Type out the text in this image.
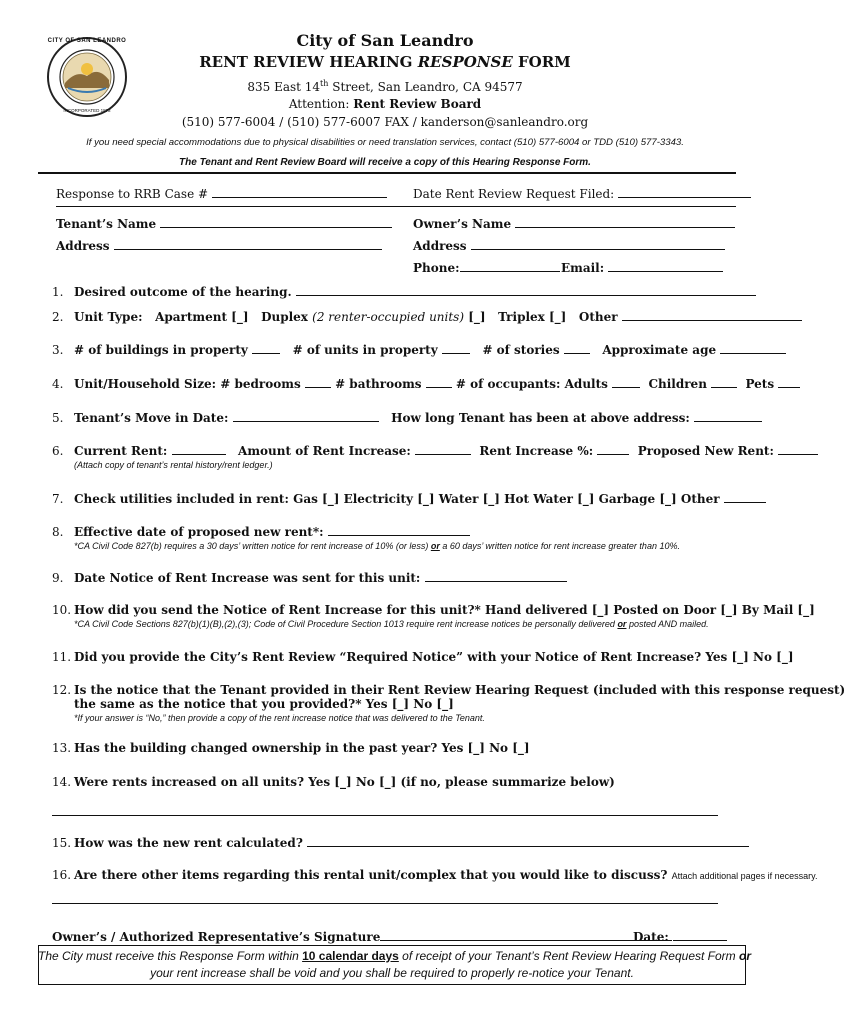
CITY OF SAN LEANDRO
INCORPORATED 1872
City of San Leandro
RENT REVIEW HEARING RESPONSE FORM
835 East 14th Street, San Leandro, CA 94577
Attention: Rent Review Board
(510) 577-6004 / (510) 577-6007 FAX / kanderson@sanleandro.org
If you need special accommodations due to physical disabilities or need translation services, contact (510) 577-6004 or TDD (510) 577-3343.
The Tenant and Rent Review Board will receive a copy of this Hearing Response Form.
Response to RRB Case #	Date Rent Review Request Filed:
Tenant’s Name
Address
Owner’s Name
Address
Phone:	Email:
1. Desired outcome of the hearing.
2. Unit Type: Apartment [_] Duplex (2 renter-occupied units) [_] Triplex [_] Other
3. # of buildings in property	# of units in property	# of stories	Approximate age
4. Unit/Household Size: # bedrooms	# bathrooms	# of occupants: Adults	Children	Pets
5. Tenant’s Move in Date:	How long Tenant has been at above address:
6. Current Rent:	Amount of Rent Increase:	Rent Increase %:	Proposed New Rent:
(Attach copy of tenant’s rental history/rent ledger.)
7. Check utilities included in rent: Gas [_] Electricity [_] Water [_] Hot Water [_] Garbage [_] Other
8. Effective date of proposed new rent*:
*CA Civil Code 827(b) requires a 30 days’ written notice for rent increase of 10% (or less) or a 60 days’ written notice for rent increase greater than 10%.
9. Date Notice of Rent Increase was sent for this unit:
10. How did you send the Notice of Rent Increase for this unit?* Hand delivered [_] Posted on Door [_] By Mail [_]
*CA Civil Code Sections 827(b)(1)(B),(2),(3); Code of Civil Procedure Section 1013 require rent increase notices be personally delivered or posted AND mailed.
11. Did you provide the City’s Rent Review “Required Notice” with your Notice of Rent Increase? Yes [_] No [_]
12. Is the notice that the Tenant provided in their Rent Review Hearing Request (included with this response request)
the same as the notice that you provided?* Yes [_] No [_]
*If your answer is “No,” then provide a copy of the rent increase notice that was delivered to the Tenant.
13. Has the building changed ownership in the past year? Yes [_] No [_]
14. Were rents increased on all units? Yes [_] No [_] (if no, please summarize below)
15. How was the new rent calculated?
16. Are there other items regarding this rental unit/complex that you would like to discuss? Attach additional pages if necessary.
Owner’s / Authorized Representative’s Signature	Date:
The City must receive this Response Form within 10 calendar days of receipt of your Tenant’s Rent Review Hearing Request Form or
your rent increase shall be void and you shall be required to properly re-notice your Tenant.
